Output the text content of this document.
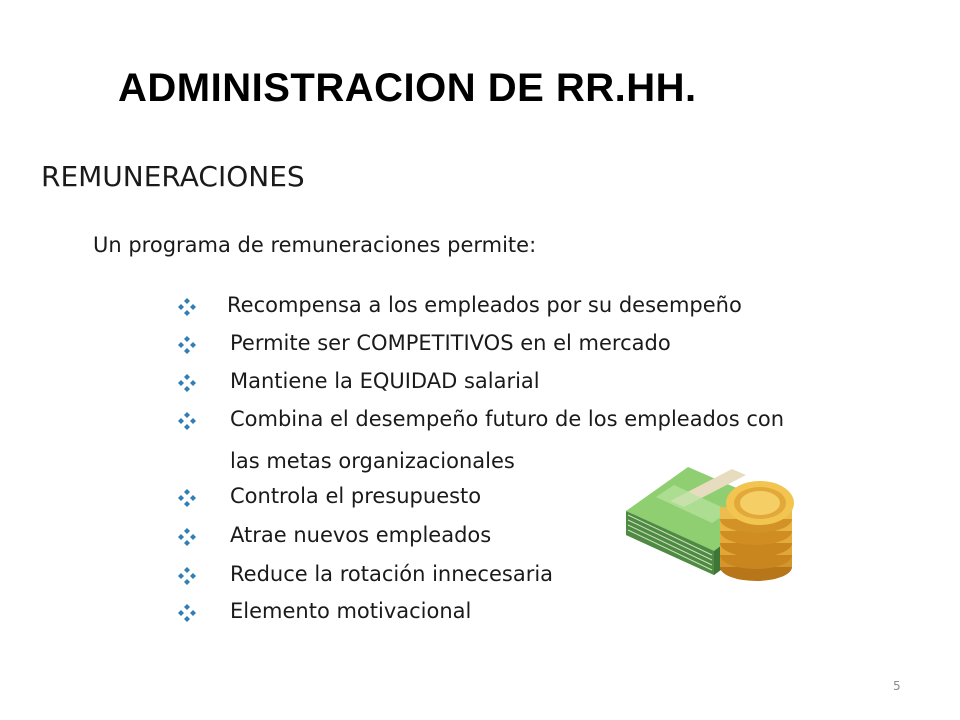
ADMINISTRACION DE RR.HH.
REMUNERACIONES
Un programa de remuneraciones permite:
Recompensa a los empleados por su desempeño
Permite ser COMPETITIVOS en el mercado
Mantiene la EQUIDAD salarial
Combina el desempeño futuro de los empleados con
las metas organizacionales
Controla el presupuesto
Atrae nuevos empleados
Reduce la rotación innecesaria
Elemento motivacional
5
